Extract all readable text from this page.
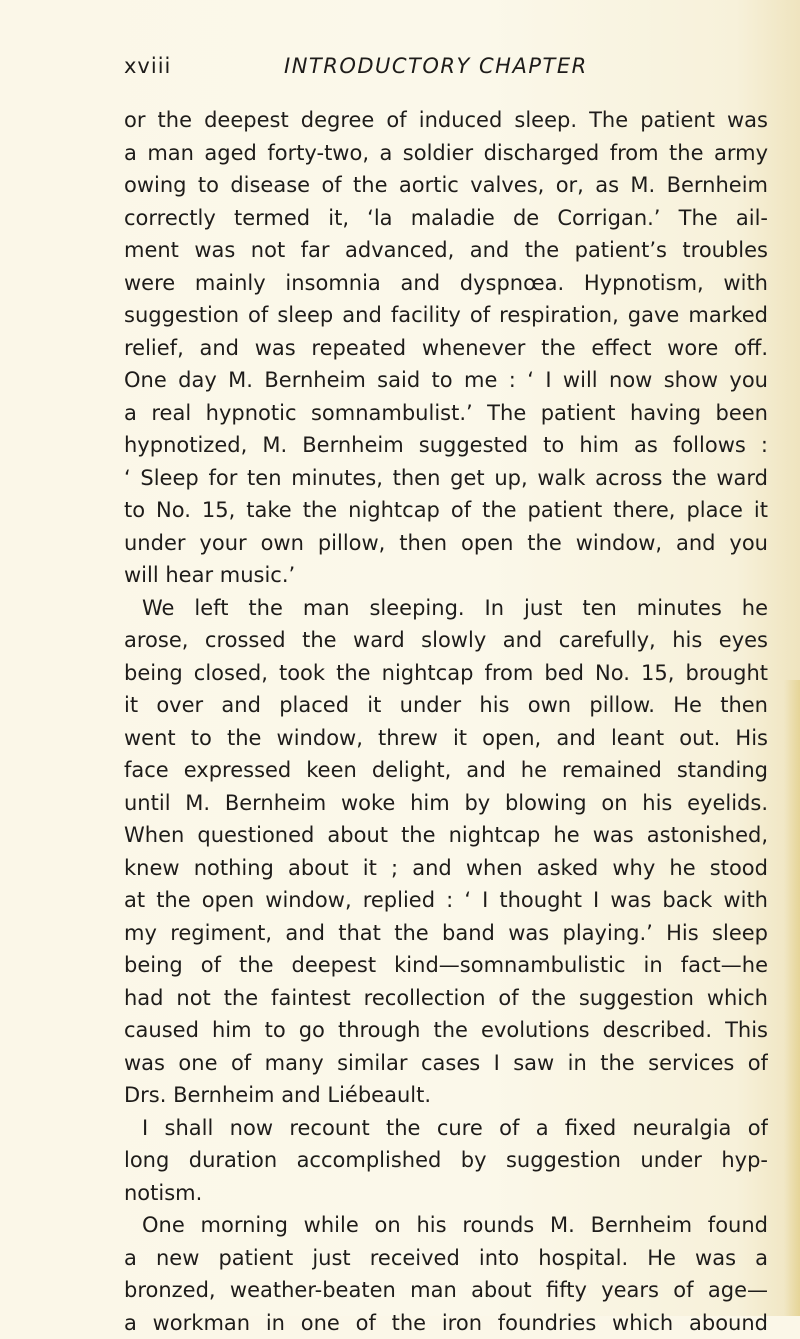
xviii	INTRODUCTORY CHAPTER
or the deepest degree of induced sleep. The patient was
a man aged forty-two, a soldier discharged from the army
owing to disease of the aortic valves, or, as M. Bernheim
correctly termed it, ‘la maladie de Corrigan.’ The ail-
ment was not far advanced, and the patient’s troubles
were mainly insomnia and dyspnœa. Hypnotism, with
suggestion of sleep and facility of respiration, gave marked
relief, and was repeated whenever the effect wore off.
One day M. Bernheim said to me : ‘ I will now show you
a real hypnotic somnambulist.’ The patient having been
hypnotized, M. Bernheim suggested to him as follows :
‘ Sleep for ten minutes, then get up, walk across the ward
to No. 15, take the nightcap of the patient there, place it
under your own pillow, then open the window, and you
will hear music.’
We left the man sleeping. In just ten minutes he
arose, crossed the ward slowly and carefully, his eyes
being closed, took the nightcap from bed No. 15, brought
it over and placed it under his own pillow. He then
went to the window, threw it open, and leant out. His
face expressed keen delight, and he remained standing
until M. Bernheim woke him by blowing on his eyelids.
When questioned about the nightcap he was astonished,
knew nothing about it ; and when asked why he stood
at the open window, replied : ‘ I thought I was back with
my regiment, and that the band was playing.’ His sleep
being of the deepest kind—somnambulistic in fact—he
had not the faintest recollection of the suggestion which
caused him to go through the evolutions described. This
was one of many similar cases I saw in the services of
Drs. Bernheim and Liébeault.
I shall now recount the cure of a fixed neuralgia of
long duration accomplished by suggestion under hyp-
notism.
One morning while on his rounds M. Bernheim found
a new patient just received into hospital. He was a
bronzed, weather-beaten man about fifty years of age—
a workman in one of the iron foundries which abound
